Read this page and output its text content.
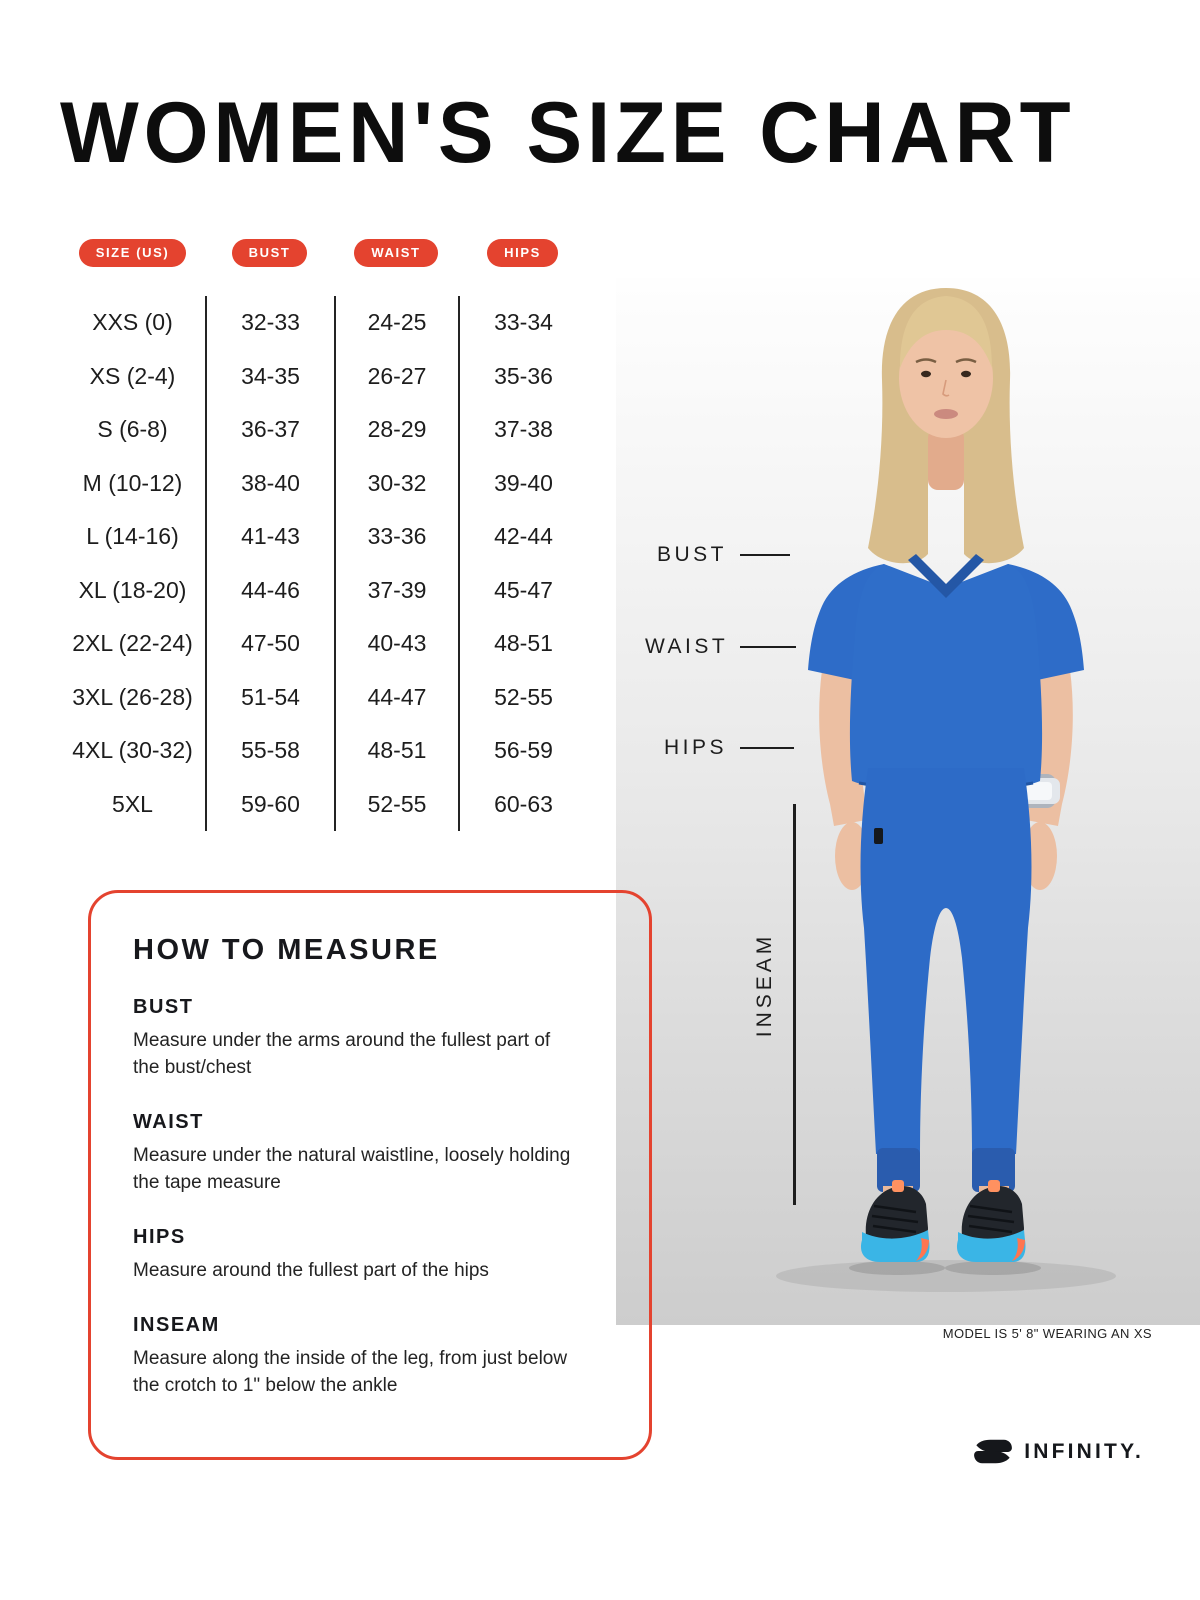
WOMEN'S SIZE CHART
SIZE (US)	BUST	WAIST	HIPS
XXS (0)	32-33	24-25	33-34
XS (2-4)	34-35	26-27	35-36
S (6-8)	36-37	28-29	37-38
M (10-12)	38-40	30-32	39-40
L (14-16)	41-43	33-36	42-44
XL (18-20)	44-46	37-39	45-47
2XL (22-24)	47-50	40-43	48-51
3XL (26-28)	51-54	44-47	52-55
4XL (30-32)	55-58	48-51	56-59
5XL	59-60	52-55	60-63
BUST
WAIST
HIPS
INSEAM
MODEL IS 5' 8" WEARING AN XS
HOW TO MEASURE
BUST
Measure under the arms around the fullest part of the bust/chest
WAIST
Measure under the natural waistline, loosely holding the tape measure
HIPS
Measure around the fullest part of the hips
INSEAM
Measure along the inside of the leg, from just below the crotch to 1" below the ankle
INFINITY.
